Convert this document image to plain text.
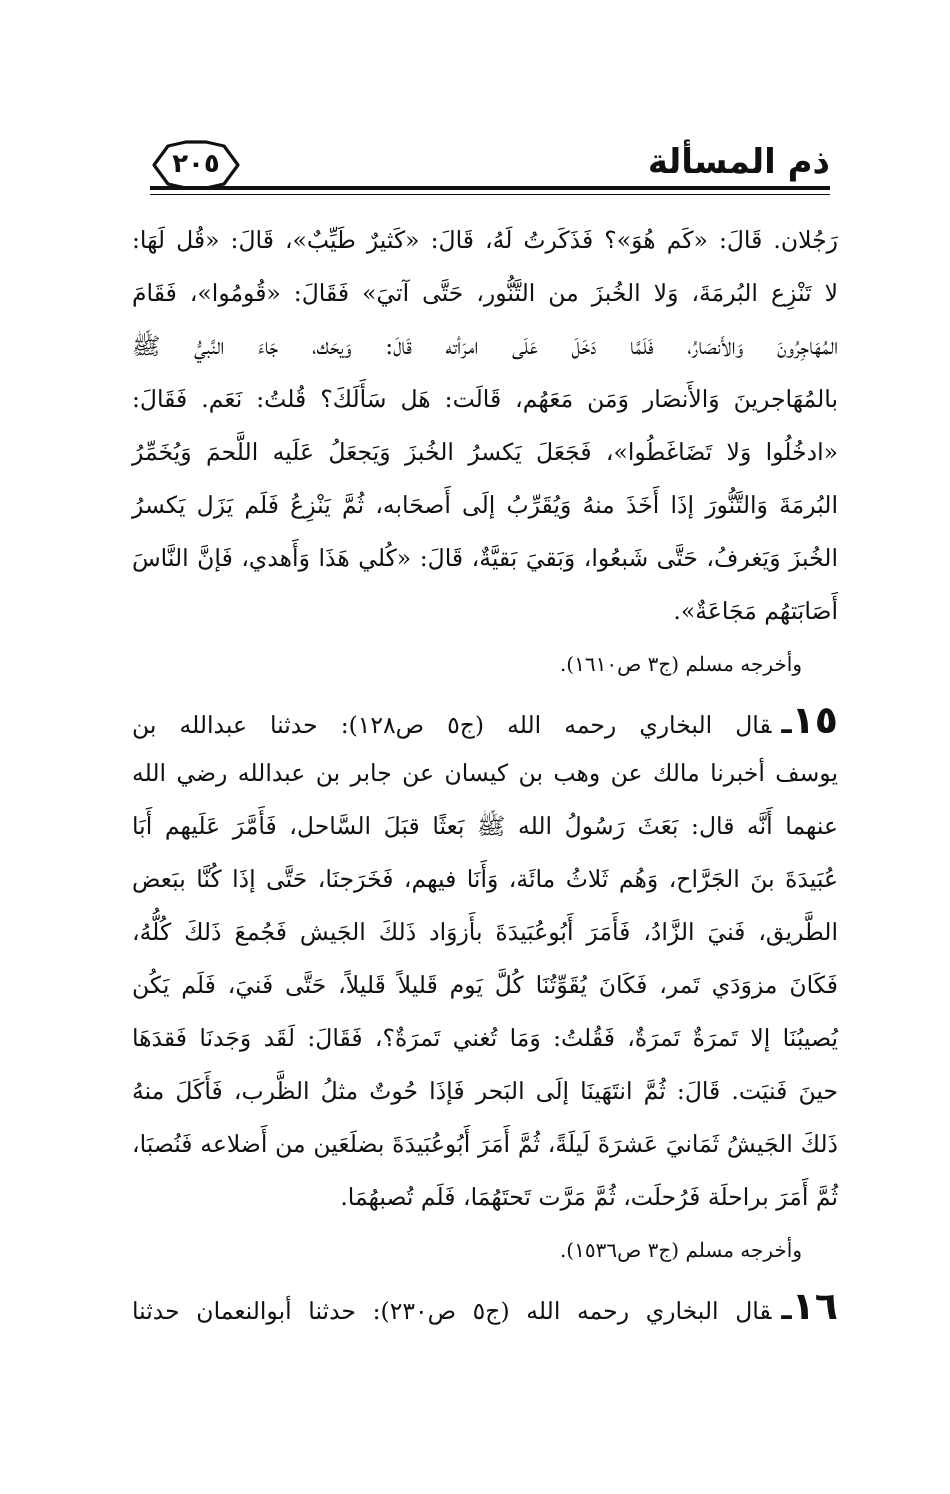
ذم المسألة
٢٠٥
رَجُلان. قَالَ: «كَم هُوَ»؟ فَذَكَرتُ لَهُ، قَالَ: «كَثيرٌ طَيِّبٌ»، قَالَ: «قُل لَهَا:
لا تَنْزِع البُرمَةَ، وَلا الخُبزَ من التَّنُّور، حَتَّى آتيَ» فَقَالَ: «قُومُوا»، فَقَامَ
المُهَاجِرُونَ وَالأَنصَارُ، فَلَمَّا دَخَلَ عَلَى امرَأته قَالَ: وَيحَك، جَاءَ النَّبيُّ ﷺ
بالمُهَاجرينَ وَالأَنصَار وَمَن مَعَهُم، قَالَت: هَل سَأَلَكَ؟ قُلتُ: نَعَم. فَقَالَ:
«ادخُلُوا وَلا تَضَاغَطُوا»، فَجَعَلَ يَكسرُ الخُبزَ وَيَجعَلُ عَلَيه اللَّحمَ وَيُخَمِّرُ
البُرمَةَ وَالتَّنُّورَ إذَا أَخَذَ منهُ وَيُقَرِّبُ إلَى أَصحَابه، ثُمَّ يَنْزِعُ فَلَم يَزَل يَكسرُ
الخُبزَ وَيَغرفُ، حَتَّى شَبعُوا، وَبَقيَ بَقيَّةٌ، قَالَ: «كُلي هَذَا وَأَهدي، فَإنَّ النَّاسَ
أَصَابَتهُم مَجَاعَةٌ».
وأخرجه مسلم (ج٣ ص١٦١٠).
١٥ـقال البخاري رحمه الله (ج٥ ص١٢٨): حدثنا عبدالله بن
يوسف أخبرنا مالك عن وهب بن كيسان عن جابر بن عبدالله رضي الله
عنهما أَنَّه قال: بَعَثَ رَسُولُ الله ﷺ بَعثًا قبَلَ السَّاحل، فَأَمَّرَ عَلَيهم أَبَا
عُبَيدَةَ بنَ الجَرَّاح، وَهُم ثَلاثُ مائَة، وَأَنَا فيهم، فَخَرَجنَا، حَتَّى إذَا كُنَّا ببَعض
الطَّريق، فَنيَ الزَّادُ، فَأَمَرَ أَبُوعُبَيدَةَ بأَزوَاد ذَلكَ الجَيش فَجُمعَ ذَلكَ كُلُّهُ،
فَكَانَ مزوَدَي تَمر، فَكَانَ يُقَوِّتُنَا كُلَّ يَوم قَليلاً قَليلاً، حَتَّى فَنيَ، فَلَم يَكُن
يُصيبُنَا إلا تَمرَةٌ تَمرَةٌ، فَقُلتُ: وَمَا تُغني تَمرَةٌ؟، فَقَالَ: لَقَد وَجَدنَا فَقدَهَا
حينَ فَنيَت. قَالَ: ثُمَّ انتَهَينَا إلَى البَحر فَإذَا حُوتٌ مثلُ الظَّرب، فَأَكَلَ منهُ
ذَلكَ الجَيشُ ثَمَانيَ عَشرَةَ لَيلَةً، ثُمَّ أَمَرَ أَبُوعُبَيدَةَ بضلَعَين من أَضلاعه فَنُصبَا،
ثُمَّ أَمَرَ براحلَة فَرُحلَت، ثُمَّ مَرَّت تَحتَهُمَا، فَلَم تُصبهُمَا.
وأخرجه مسلم (ج٣ ص١٥٣٦).
١٦ـقال البخاري رحمه الله (ج٥ ص٢٣٠): حدثنا أبوالنعمان حدثنا
